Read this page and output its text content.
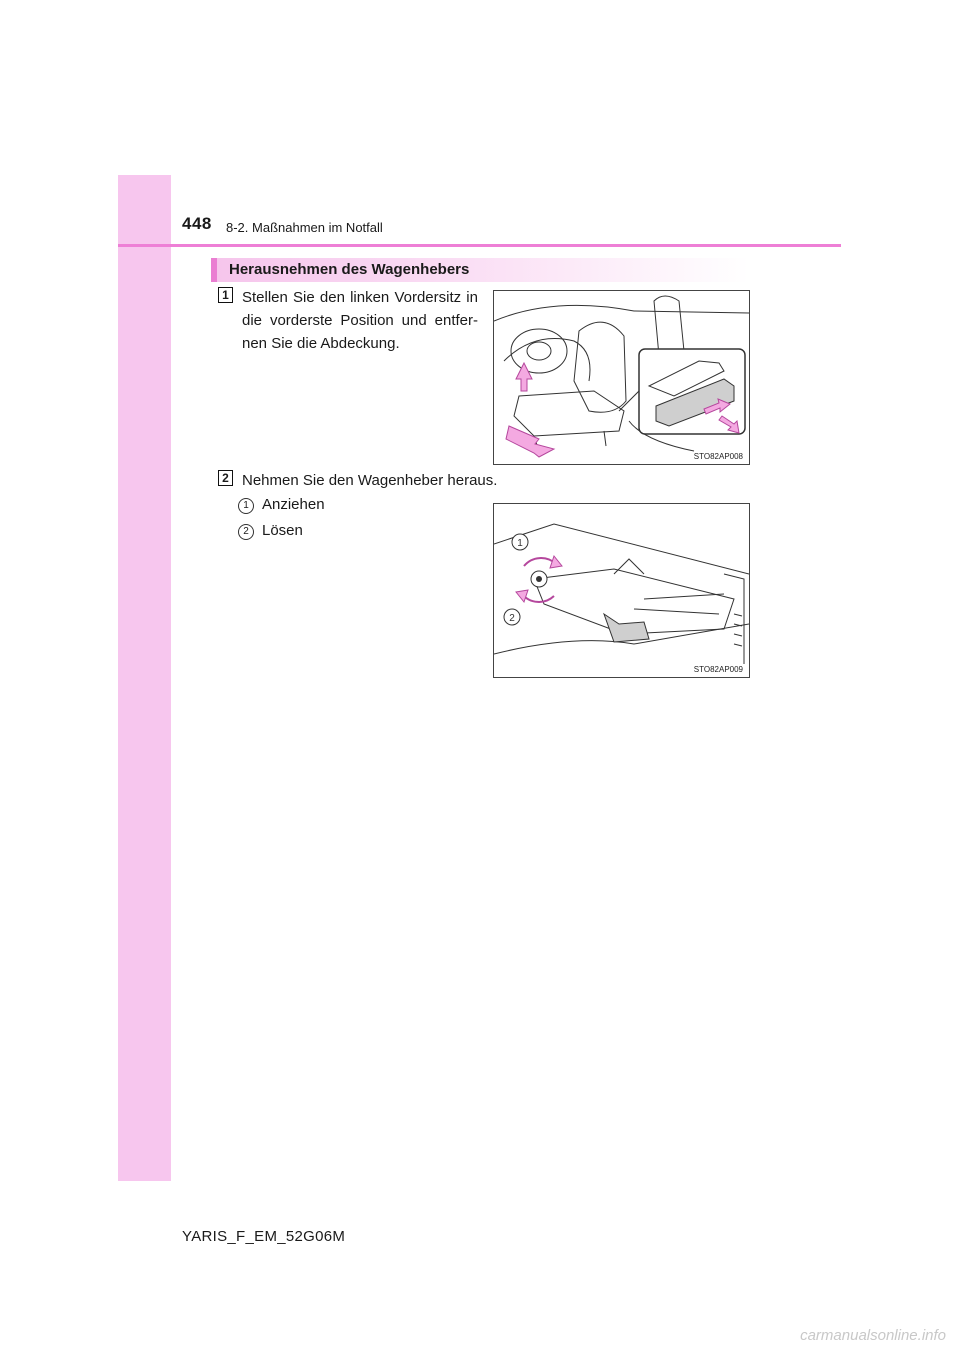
448 8-2. Maßnahmen im Notfall
Herausnehmen des Wagenhebers
1 Stellen Sie den linken Vordersitz in die vorderste Position und entfer-nen Sie die Abdeckung.
STO82AP008
2 Nehmen Sie den Wagenheber heraus.
1 Anziehen
2 Lösen
1
2
STO82AP009
YARIS_F_EM_52G06M
carmanualsonline.info
